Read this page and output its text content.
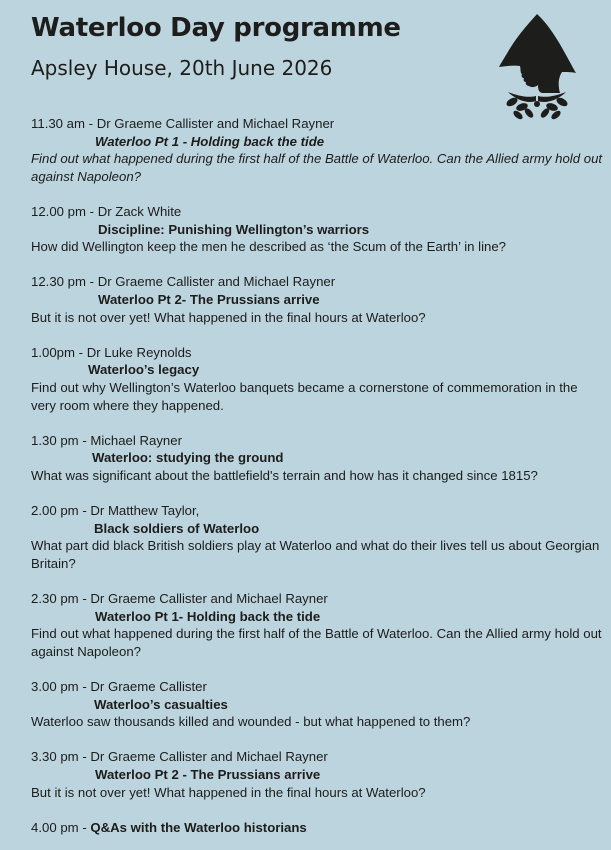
Waterloo Day programme
Apsley House, 20th June 2026
11.30 am - Dr Graeme Callister and Michael Rayner
Waterloo Pt 1 - Holding back the tide

Find out what happened during the first half of the Battle of Waterloo. Can the Allied army hold out against Napoleon?

12.00 pm - Dr Zack White
Discipline: Punishing Wellington’s warriors

How did Wellington keep the men he described as ‘the Scum of the Earth’ in line?

12.30 pm - Dr Graeme Callister and Michael Rayner
Waterloo Pt 2- The Prussians arrive

But it is not over yet! What happened in the final hours at Waterloo?

1.00pm - Dr Luke Reynolds
Waterloo’s legacy

Find out why Wellington’s Waterloo banquets became a cornerstone of commemoration in the very room where they happened.

1.30 pm - Michael Rayner
Waterloo: studying the ground

What was significant about the battlefield's terrain and how has it changed since 1815?

2.00 pm - Dr Matthew Taylor,
Black soldiers of Waterloo

What part did black British soldiers play at Waterloo and what do their lives tell us about Georgian Britain?

2.30 pm - Dr Graeme Callister and Michael Rayner
Waterloo Pt 1- Holding back the tide

Find out what happened during the first half of the Battle of Waterloo. Can the Allied army hold out against Napoleon?

3.00 pm - Dr Graeme Callister
Waterloo’s casualties

Waterloo saw thousands killed and wounded - but what happened to them?

3.30 pm - Dr Graeme Callister and Michael Rayner
Waterloo Pt 2 - The Prussians arrive

But it is not over yet! What happened in the final hours at Waterloo?

4.00 pm - Q&As with the Waterloo historians
